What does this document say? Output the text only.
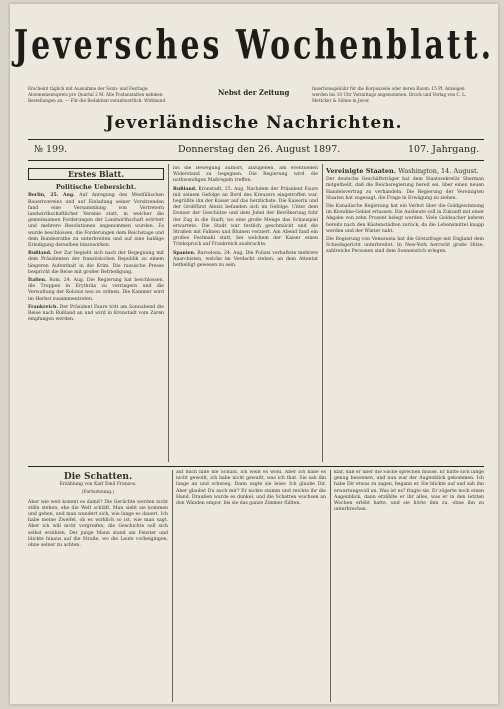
Jeversches Wochenblatt.
Erscheint täglich mit Ausnahme der Sonn- und Festtage. Abonnementspreis pro Quartal 2 M. Alle Postanstalten nehmen Bestellungen an. — Für die Redaktion verantwortlich: Wittmund.
Nebst der Zeitung	Insertionsgebühr für die Korpuszeile oder deren Raum: 15 Pf. Anzeigen werden bis 10 Uhr Vormittags angenommen. Druck und Verlag von C. L. Mettcker & Söhne in Jever.
Jeverländische Nachrichten.
№ 199.	Donnerstag den 26. August 1897.	107. Jahrgang.
Erstes Blatt.
Politische Uebersicht.

Berlin, 25. Aug. Auf Anregung des Westfälischen Bauernvereins und auf Einladung seiner Vorsitzenden fand eine Versammlung von Vertretern landwirthschaftlicher Vereine statt, in welcher die gemeinsamen Forderungen der Landwirthschaft erörtert und mehrere Resolutionen angenommen wurden. Es wurde beschlossen, die Forderungen dem Reichstage und dem Bundesrathe zu unterbreiten und auf eine baldige Erledigung derselben hinzuwirken.

Rußland. Der Zar begiebt sich nach der Begegnung mit dem Präsidenten der französischen Republik zu einem längeren Aufenthalt in die Krim. Die russische Presse bespricht die Reise mit großer Befriedigung.

Italien. Rom, 24. Aug. Die Regierung hat beschlossen, die Truppen in Erythräa zu verringern und die Verwaltung der Kolonie neu zu ordnen. Die Kammer wird im Herbst zusammentreten.

Frankreich. Der Präsident Faure tritt am Sonnabend die Reise nach Rußland an und wird in Kronstadt vom Zaren empfangen werden.

bis die Bewegung aufhört, abzugeben, am eventuellen Widerstand zu begegnen. Die Regierung wird die nothwendigen Maßregeln treffen.

Rußland. Kronstadt, 25. Aug. Nachdem der Präsident Faure mit seinem Gefolge an Bord des Kreuzers eingetroffen war, begrüßte ihn der Kaiser auf das herzlichste. Die Kaiserin und der Großfürst Alexis befanden sich im Gefolge. Unter dem Donner der Geschütze und dem Jubel der Bevölkerung fuhr der Zug in die Stadt, wo eine große Menge das Schauspiel erwartete. Die Stadt war festlich geschmückt und die Straßen mit Fahnen und Blumen verziert. Am Abend fand ein großes Festmahl statt, bei welchem der Kaiser einen Trinkspruch auf Frankreich ausbrachte.

Spanien. Barcelona, 24. Aug. Die Polizei verhaftete mehrere Anarchisten, welche im Verdacht stehen, an dem Attentat betheiligt gewesen zu sein.

Vereinigte Staaten. Washington, 14. August.

Der deutsche Geschäftsträger hat dem Staatssekretär Sherman mitgetheilt, daß die Reichsregierung bereit sei, über einen neuen Handelsvertrag zu verhandeln. Die Regierung der Vereinigten Staaten hat zugesagt, die Frage in Erwägung zu ziehen.

Die Kanadische Regierung hat ein Verbot über die Goldgewinnung im Klondike-Gebiet erlassen. Die Ausbeute soll in Zukunft mit einer Abgabe von zehn Prozent belegt werden. Viele Goldsucher kehren bereits nach den Küstenstädten zurück, da die Lebensmittel knapp werden und der Winter naht.

Die Regierung von Venezuela hat die Grenzfrage mit England dem Schiedsgericht unterbreitet. In New-York herrscht große Hitze, zahlreiche Personen sind dem Sonnenstich erlegen.

Die Schatten.
Erzählung von Karl Emil Franzos.
(Fortsetzung.)

Aber wie weit kommt es damit? Die Gerüchte werden nicht stille stehen, ehe die Welt schläft. Man sieht sie kommen und gehen, und man wundert sich, wie lange es dauert. Ich habe meine Zweifel, ob es wirklich so ist, wie man sagt. Aber ich will nicht vorgreifen, die Geschichte soll sich selbst erzählen. Der junge Mann stand am Fenster und blickte hinaus auf die Straße, wo die Leute vorbeigingen, ohne seiner zu achten.

auf mich falle die Schuld, ich weiß es wohl. Aber ich habe es nicht gewollt, ich habe nicht gewußt, was ich that. Sie sah ihn lange an und schwieg. Dann sagte sie leise: Ich glaube Dir. Aber glaubst Du auch mir? Er nickte stumm und reichte ihr die Hand. Draußen wurde es dunkel, und die Schatten wuchsen an den Wänden empor, bis sie das ganze Zimmer füllten.

klar, daß er über die Sache sprechen müsse. Er hatte sich lange genug besonnen, und nun war der Augenblick gekommen. Ich habe Dir etwas zu sagen, begann er. Sie blickte auf und sah ihn erwartungsvoll an. Was ist es? fragte sie. Er zögerte noch einen Augenblick, dann erzählte er ihr alles, was er in den letzten Wochen erlebt hatte, und sie hörte ihm zu, ohne ihn zu unterbrechen.
